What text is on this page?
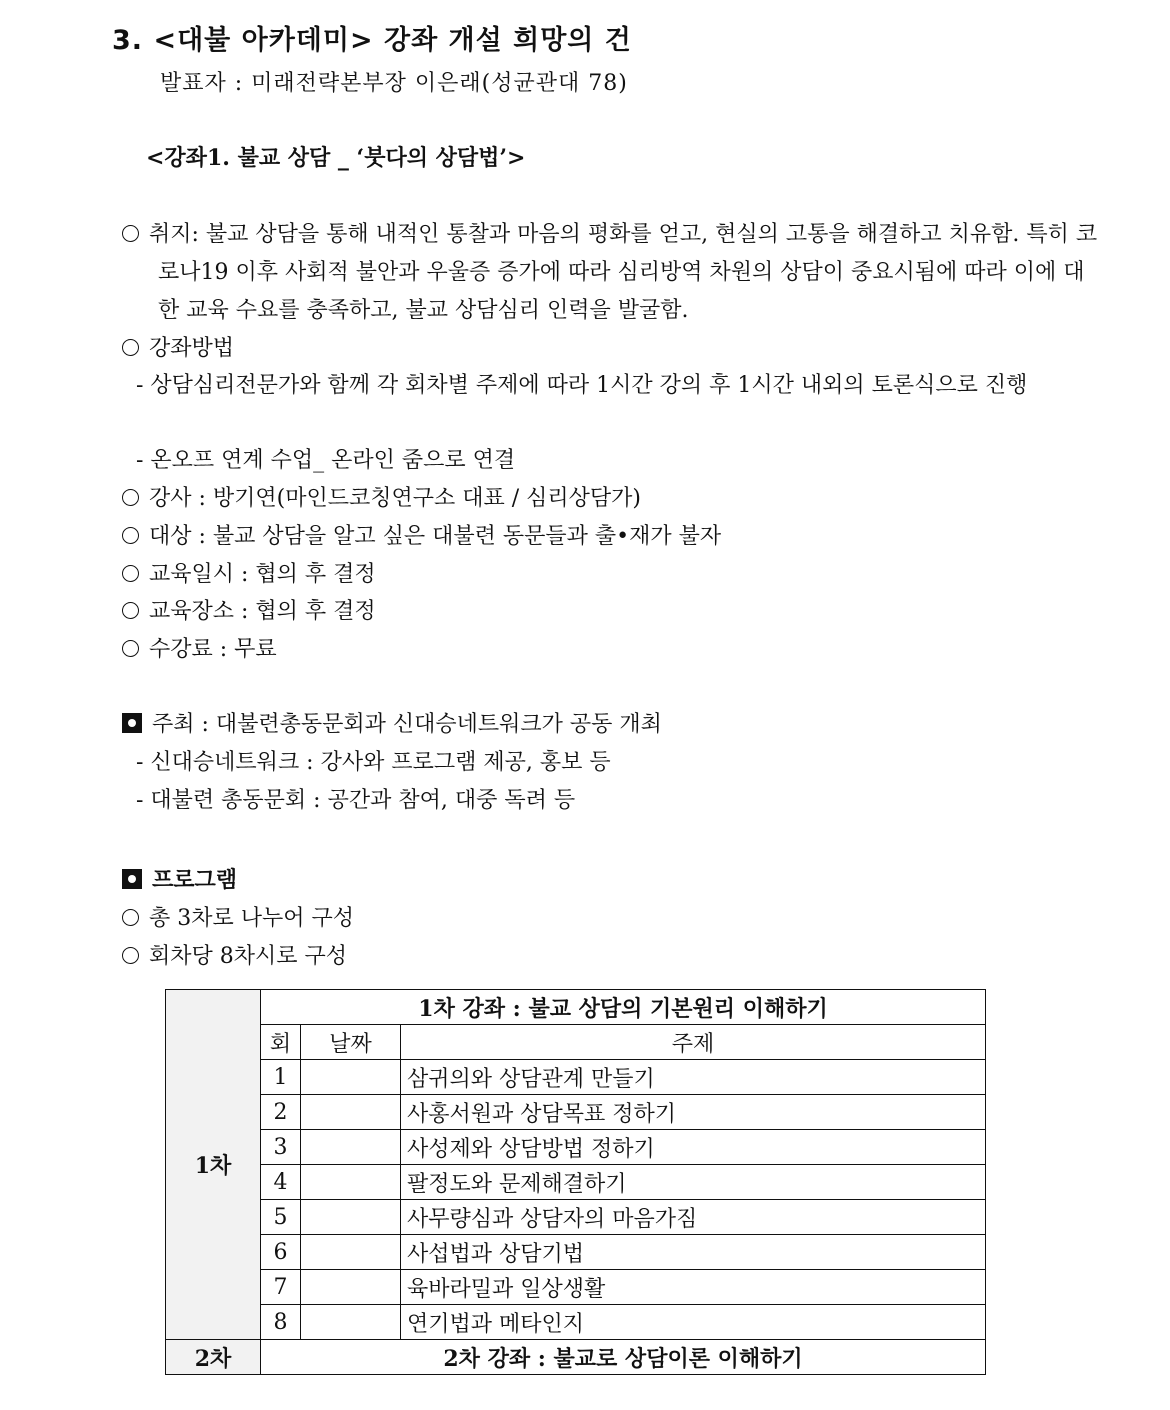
3. <대불 아카데미> 강좌 개설 희망의 건
발표자 : 미래전략본부장 이은래(성균관대 78)
<강좌1. 불교 상담 _ ‘붓다의 상담법’>
취지: 불교 상담을 통해 내적인 통찰과 마음의 평화를 얻고, 현실의 고통을 해결하고 치유함. 특히 코로나19 이후 사회적 불안과 우울증 증가에 따라 심리방역 차원의 상담이 중요시됨에 따라 이에 대한 교육 수요를 충족하고, 불교 상담심리 인력을 발굴함.
강좌방법
- 상담심리전문가와 함께 각 회차별 주제에 따라 1시간 강의 후 1시간 내외의 토론식으로 진행
- 온오프 연계 수업_ 온라인 줌으로 연결
강사 : 방기연(마인드코칭연구소 대표 / 심리상담가)
대상 : 불교 상담을 알고 싶은 대불련 동문들과 출•재가 불자
교육일시 : 협의 후 결정
교육장소 : 협의 후 결정
수강료 : 무료
주최 : 대불련총동문회과 신대승네트워크가 공동 개최
- 신대승네트워크 : 강사와 프로그램 제공, 홍보 등
- 대불련 총동문회 : 공간과 참여, 대중 독려 등
프로그램
총 3차로 나누어 구성
회차당 8차시로 구성
1차	1차 강좌 : 불교 상담의 기본원리 이해하기		
	회	날짜	주제
	1		삼귀의와 상담관계 만들기
	2		사홍서원과 상담목표 정하기
	3		사성제와 상담방법 정하기
	4		팔정도와 문제해결하기
	5		사무량심과 상담자의 마음가짐
	6		사섭법과 상담기법
	7		육바라밀과 일상생활
	8		연기법과 메타인지
2차	2차 강좌 : 불교로 상담이론 이해하기		
